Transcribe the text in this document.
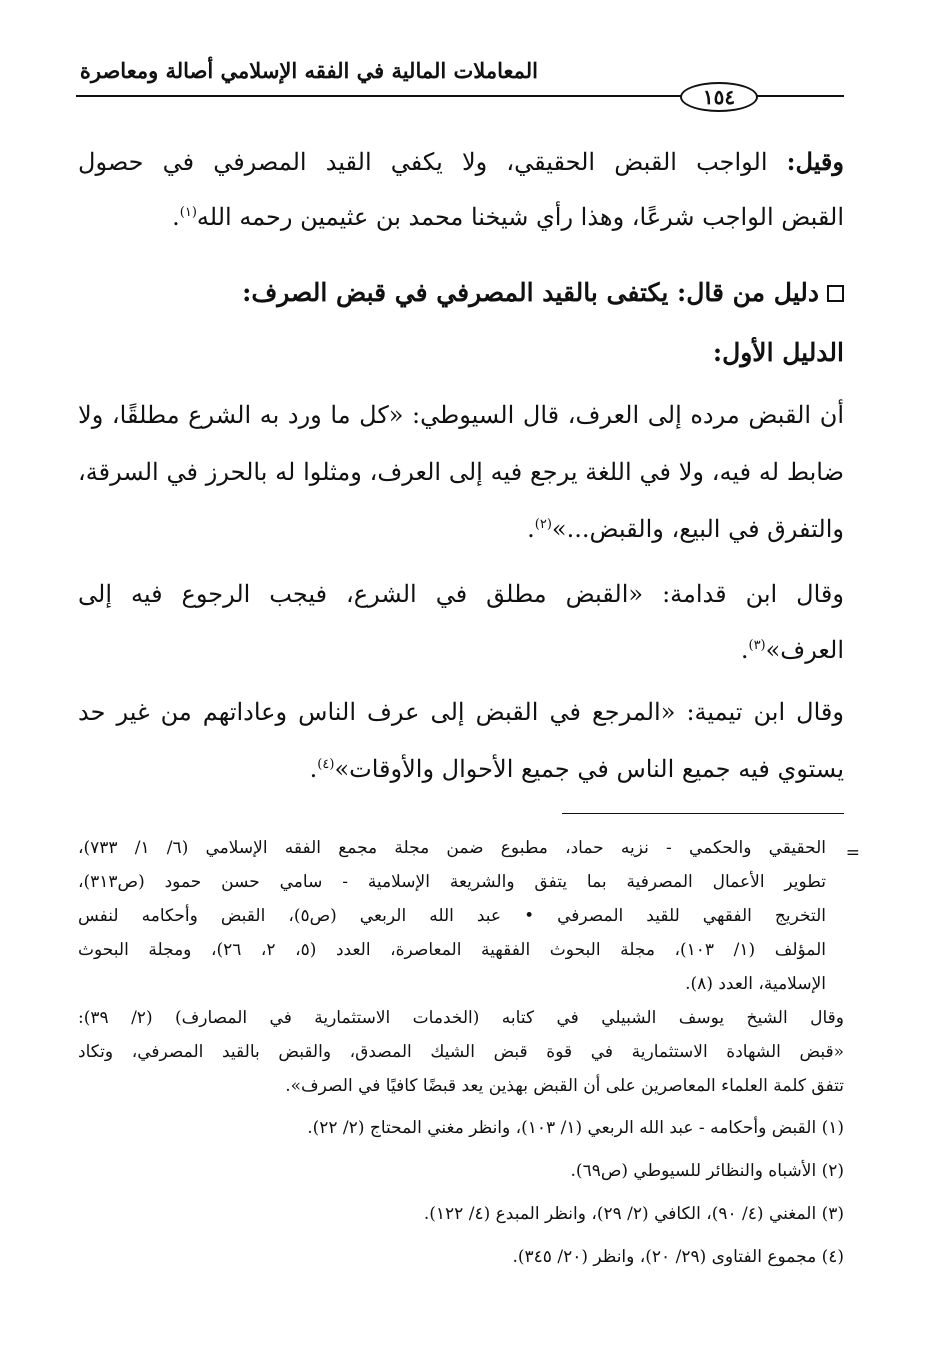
المعاملات المالية في الفقه الإسلامي أصالة ومعاصرة
١٥٤
وقيل: الواجب القبض الحقيقي، ولا يكفي القيد المصرفي في حصول
القبض الواجب شرعًا، وهذا رأي شيخنا محمد بن عثيمين رحمه الله$^{(١)}$.
دليل من قال: يكتفى بالقيد المصرفي في قبض الصرف:
الدليل الأول:
أن القبض مرده إلى العرف، قال السيوطي: «كل ما ورد به الشرع مطلقًا، ولا
ضابط له فيه، ولا في اللغة يرجع فيه إلى العرف، ومثلوا له بالحرز في السرقة،
والتفرق في البيع، والقبض...»$^{(٢)}$.
وقال ابن قدامة: «القبض مطلق في الشرع، فيجب الرجوع فيه إلى
العرف»$^{(٣)}$.
وقال ابن تيمية: «المرجع في القبض إلى عرف الناس وعاداتهم من غير حد
يستوي فيه جميع الناس في جميع الأحوال والأوقات»$^{(٤)}$.
=
الحقيقي والحكمي - نزيه حماد، مطبوع ضمن مجلة مجمع الفقه الإسلامي (٦/ ١/ ٧٣٣)،
تطوير الأعمال المصرفية بما يتفق والشريعة الإسلامية - سامي حسن حمود (ص٣١٣)،
التخريج الفقهي للقيد المصرفي • عبد الله الربعي (ص٥)، القبض وأحكامه لنفس
المؤلف (١/ ١٠٣)، مجلة البحوث الفقهية المعاصرة، العدد (٥، ٢، ٢٦)، ومجلة البحوث
الإسلامية، العدد (٨).
وقال الشيخ يوسف الشبيلي في كتابه (الخدمات الاستثمارية في المصارف) (٢/ ٣٩):
«قبض الشهادة الاستثمارية في قوة قبض الشيك المصدق، والقبض بالقيد المصرفي، وتكاد
تتفق كلمة العلماء المعاصرين على أن القبض بهذين يعد قبضًا كافيًا في الصرف».
(١) القبض وأحكامه - عبد الله الربعي (١/ ١٠٣)، وانظر مغني المحتاج (٢/ ٢٢).
(٢) الأشباه والنظائر للسيوطي (ص٦٩).
(٣) المغني (٤/ ٩٠)، الكافي (٢/ ٢٩)، وانظر المبدع (٤/ ١٢٢).
(٤) مجموع الفتاوى (٢٩/ ٢٠)، وانظر (٢٠/ ٣٤٥).
